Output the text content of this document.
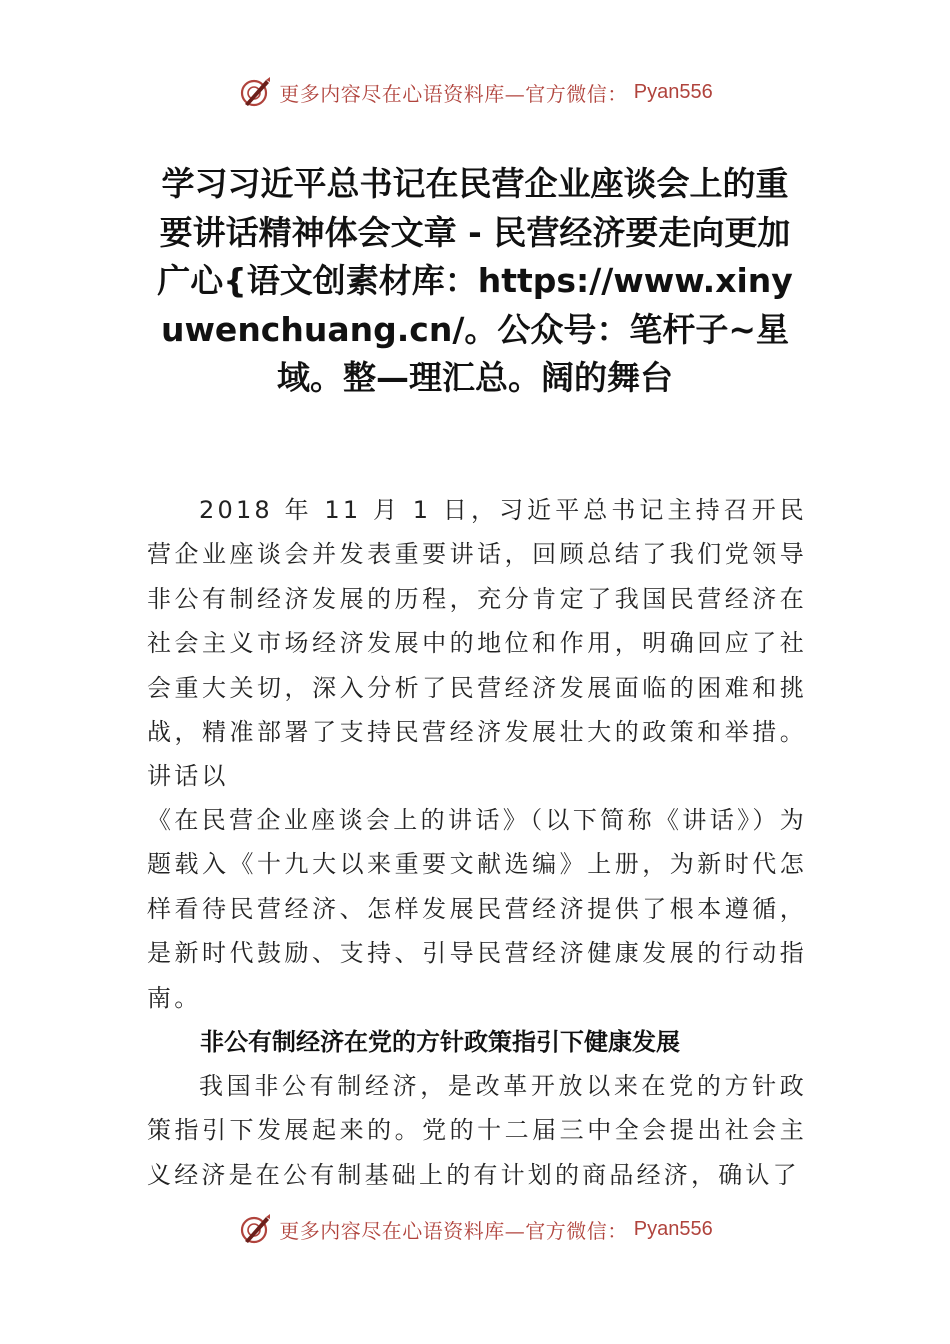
更多内容尽在心语资料库—官方微信： Pyan556
学习习近平总书记在民营企业座谈会上的重要讲话精神体会文章 - 民营经济要走向更加广心{语文创素材库：https://www.xinyuwenchuang.cn/。公众号：笔杆子~星域。整—理汇总。阔的舞台

2018 年 11 月 1 日，习近平总书记主持召开民营企业座谈会并发表重要讲话，回顾总结了我们党领导非公有制经济发展的历程，充分肯定了我国民营经济在社会主义市场经济发展中的地位和作用，明确回应了社会重大关切，深入分析了民营经济发展面临的困难和挑战，精准部署了支持民营经济发展壮大的政策和举措。讲话以

《在民营企业座谈会上的讲话》（以下简称《讲话》）为题载入《十九大以来重要文献选编》上册，为新时代怎样看待民营经济、怎样发展民营经济提供了根本遵循，是新时代鼓励、支持、引导民营经济健康发展的行动指南。

非公有制经济在党的方针政策指引下健康发展

我国非公有制经济，是改革开放以来在党的方针政策指引下发展起来的。党的十二届三中全会提出社会主义经济是在公有制基础上的有计划的商品经济，确认了

更多内容尽在心语资料库—官方微信： Pyan556
